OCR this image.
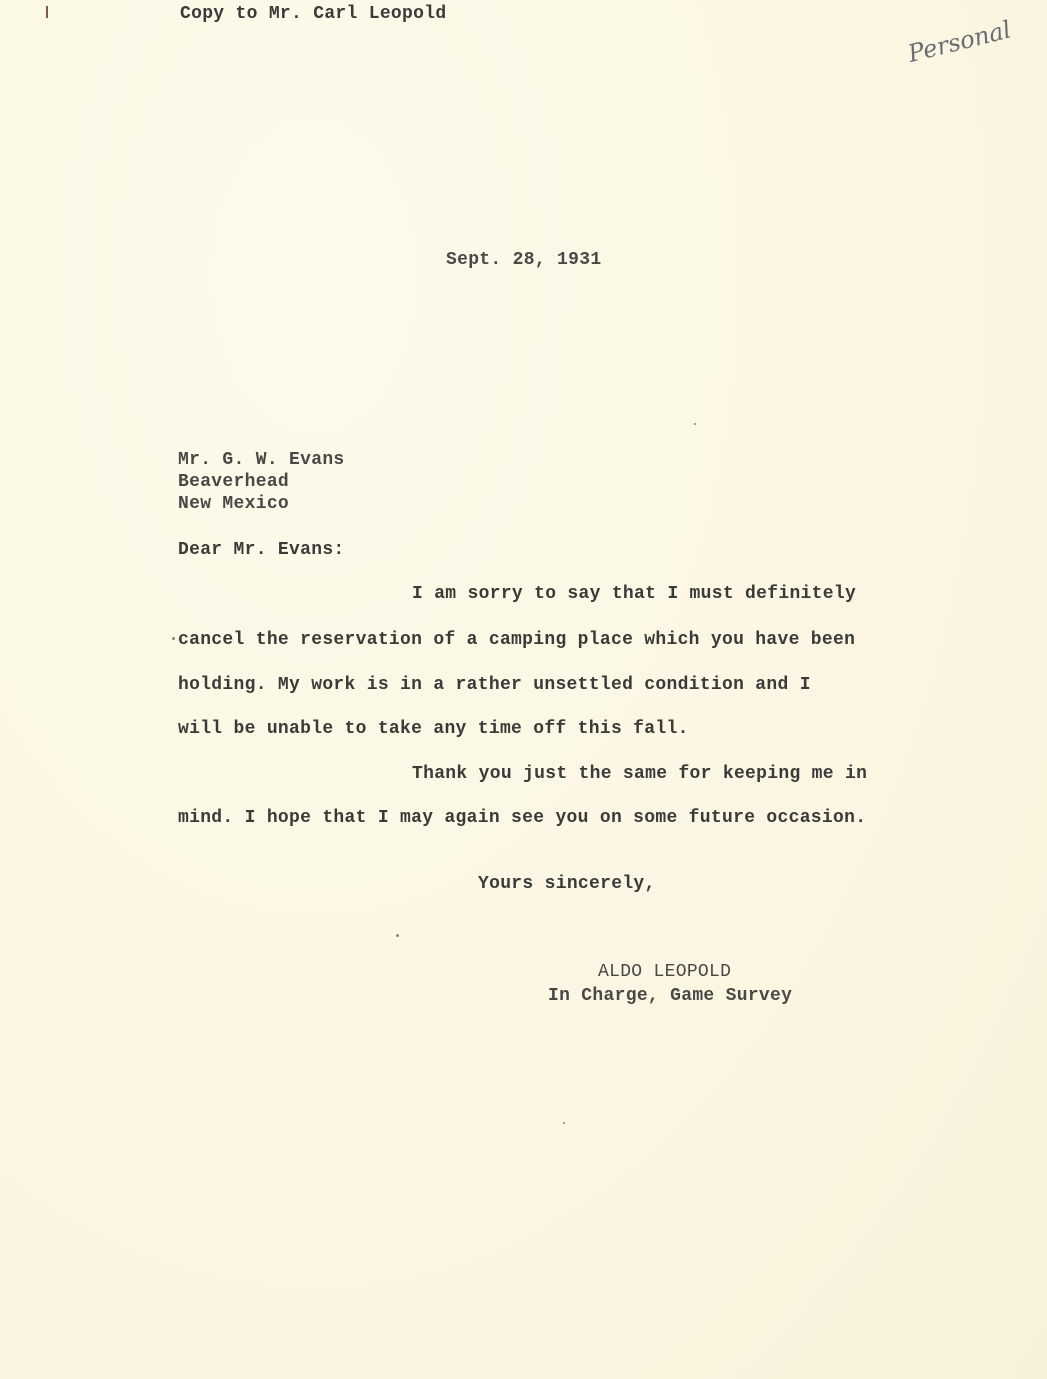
Copy to Mr. Carl Leopold
Personal
Sept. 28, 1931
Mr. G. W. Evans
Beaverhead
New Mexico
Dear Mr. Evans:
I am sorry to say that I must definitely
cancel the reservation of a camping place which you have been
holding. My work is in a rather unsettled condition and I
will be unable to take any time off this fall.
Thank you just the same for keeping me in
mind. I hope that I may again see you on some future occasion.
Yours sincerely,
ALDO LEOPOLD
In Charge, Game Survey
